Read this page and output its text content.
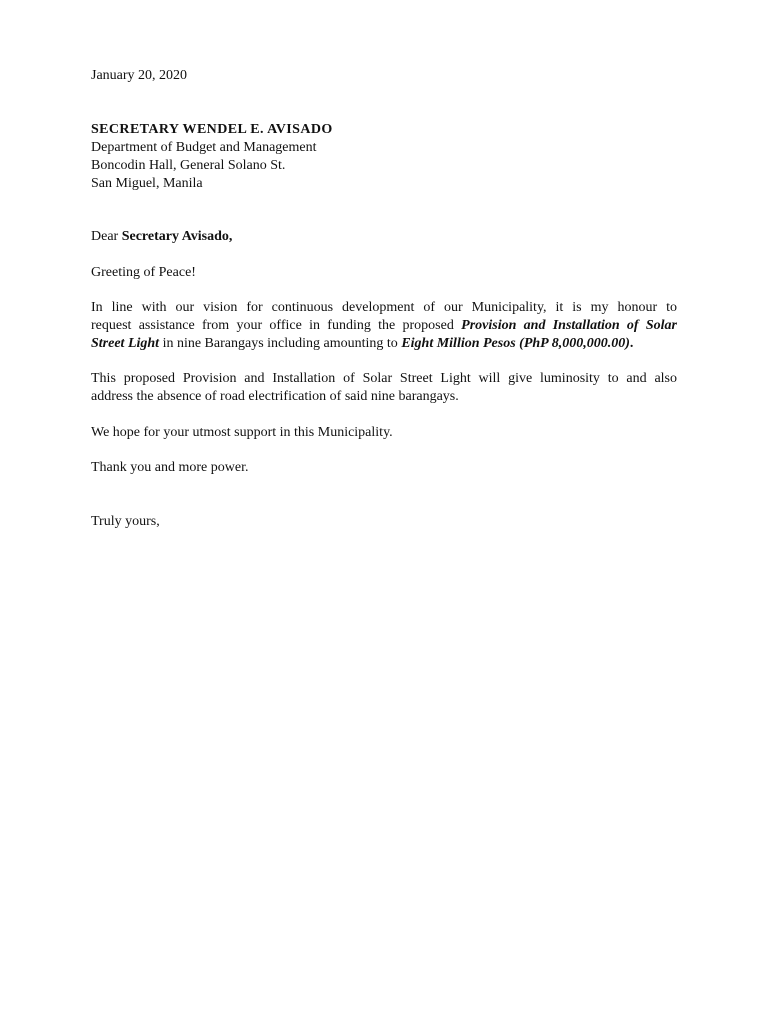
January 20, 2020
SECRETARY WENDEL E. AVISADO
Department of Budget and Management
Boncodin Hall, General Solano St.
San Miguel, Manila
Dear Secretary Avisado,
Greeting of Peace!
In line with our vision for continuous development of our Municipality, it is my honour to
request assistance from your office in funding the proposed Provision and Installation of Solar
Street Light in nine Barangays including amounting to Eight Million Pesos (PhP 8,000,000.00).
This proposed Provision and Installation of Solar Street Light will give luminosity to and also
address the absence of road electrification of said nine barangays.
We hope for your utmost support in this Municipality.
Thank you and more power.
Truly yours,
